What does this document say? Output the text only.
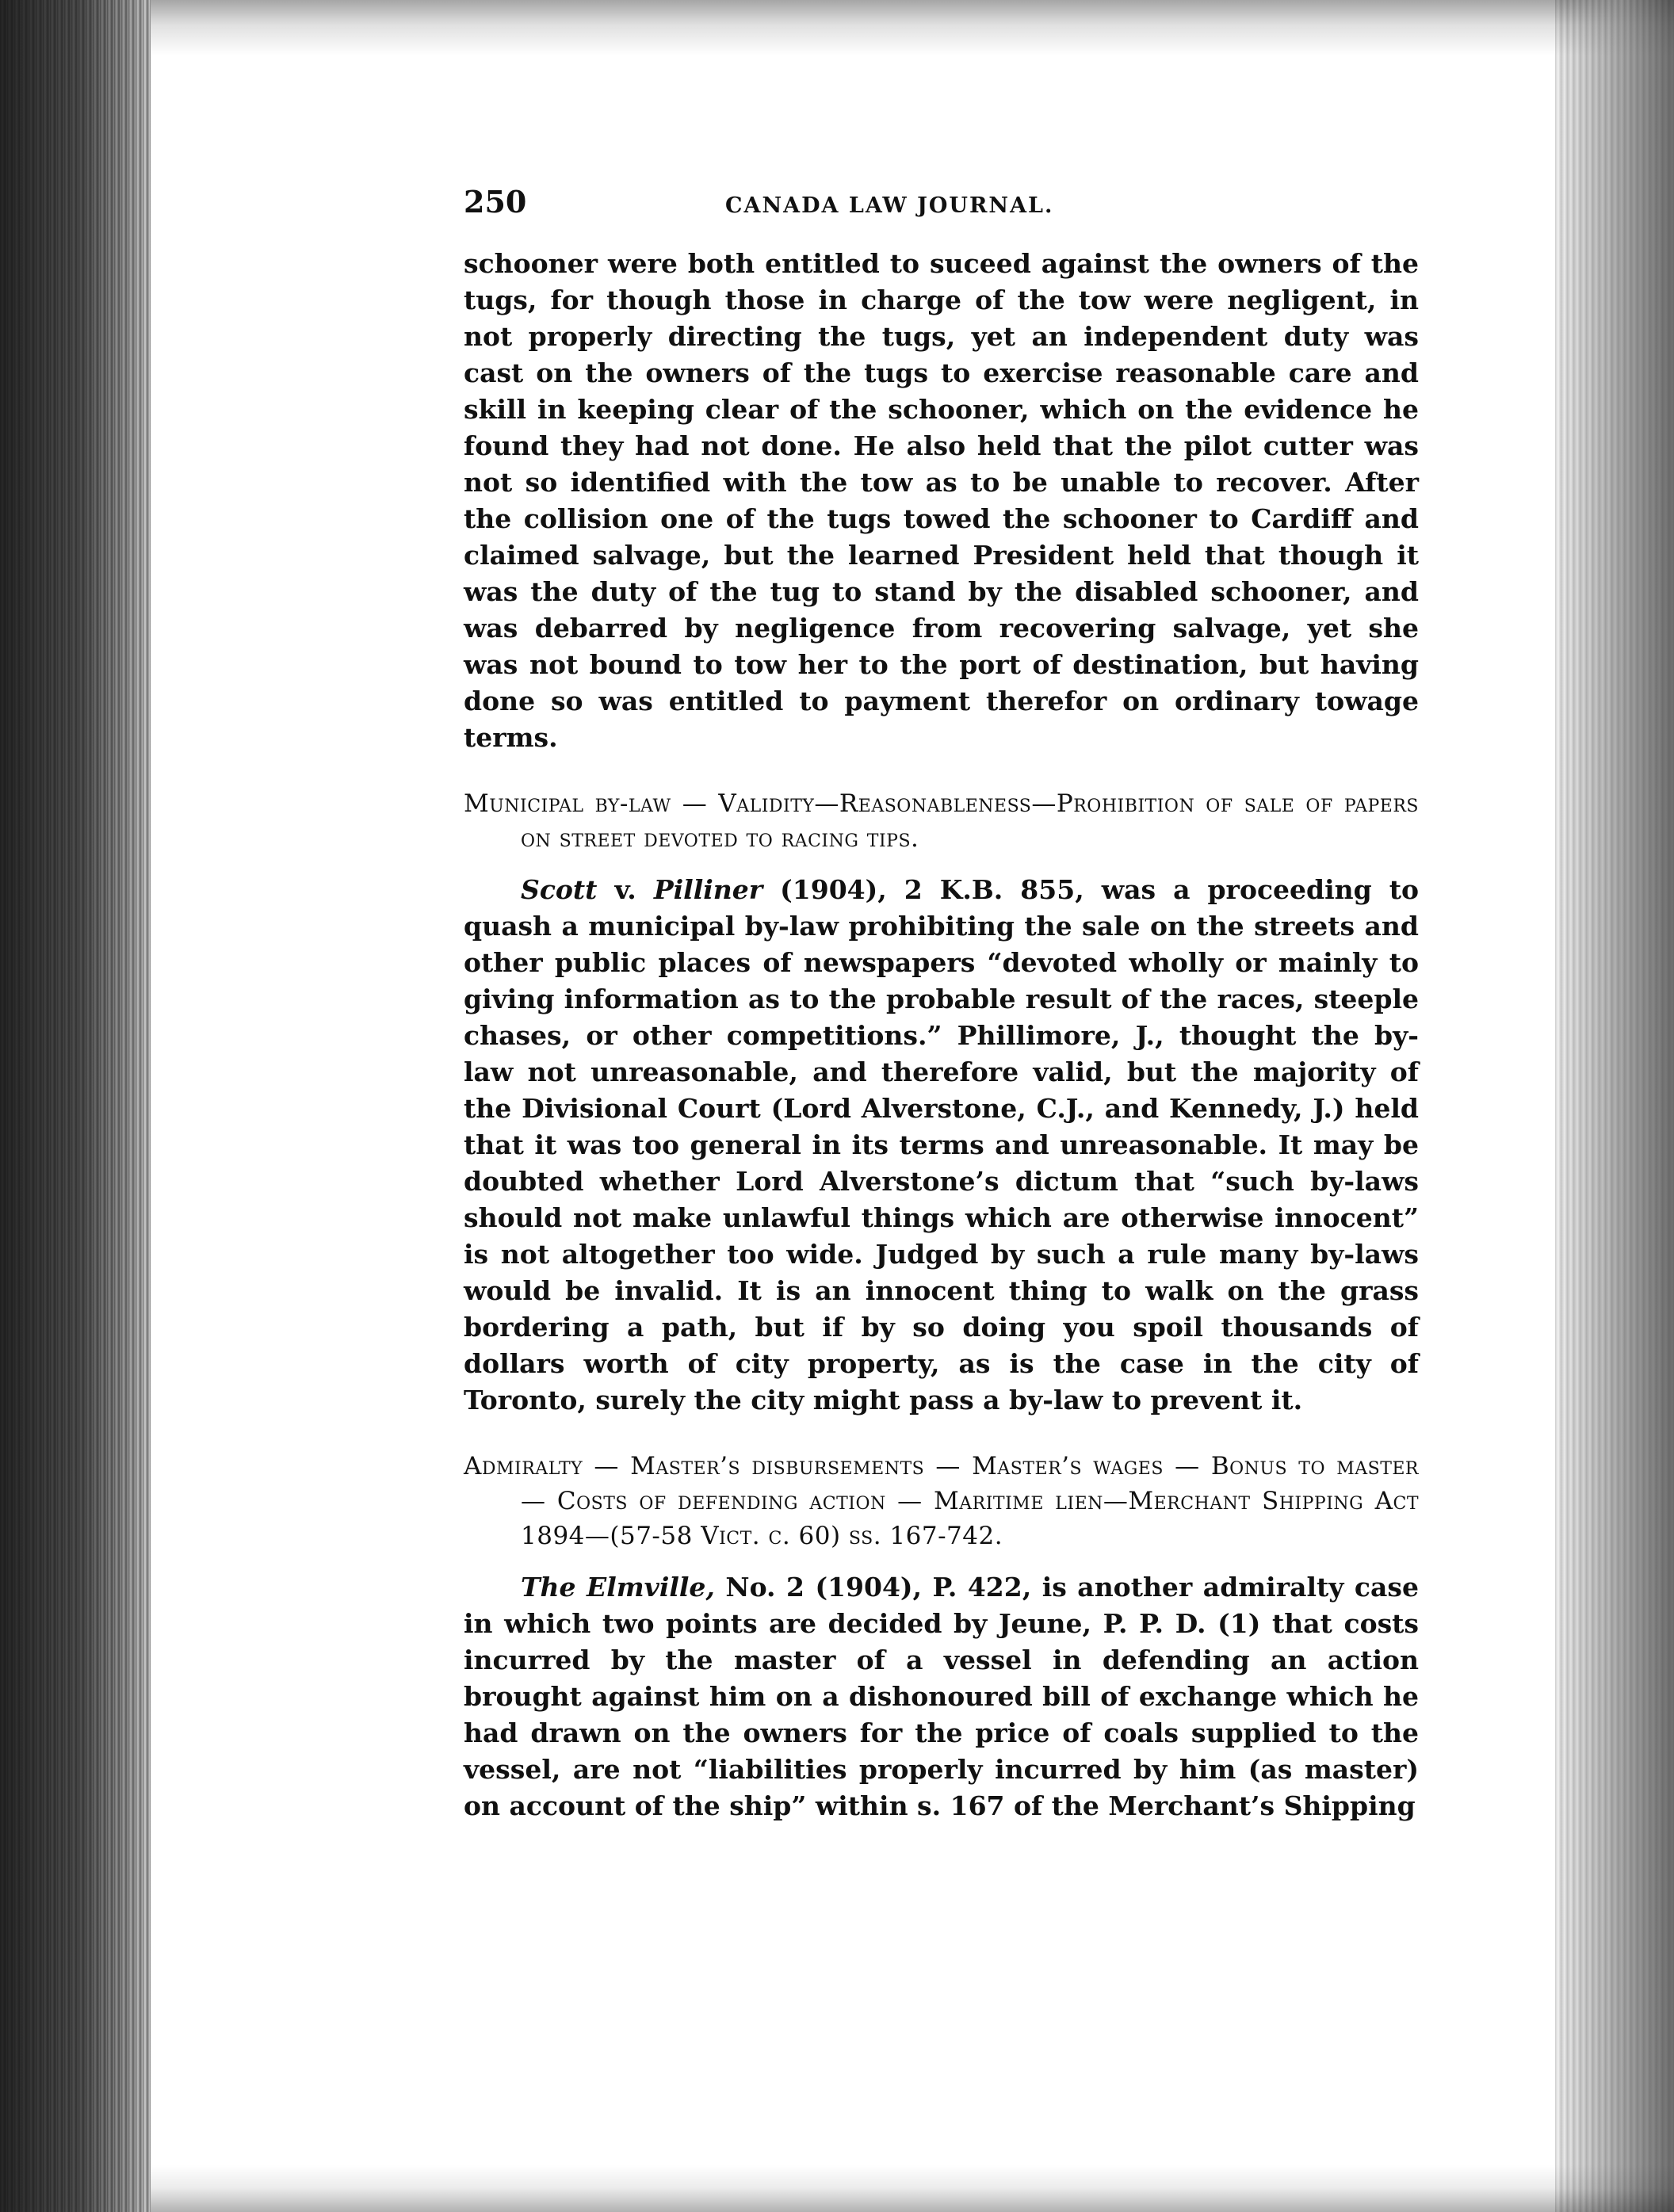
250	CANADA LAW JOURNAL.

schooner were both entitled to suceed against the owners of the tugs, for though those in charge of the tow were negligent, in not properly directing the tugs, yet an independent duty was cast on the owners of the tugs to exercise reasonable care and skill in keeping clear of the schooner, which on the evidence he found they had not done. He also held that the pilot cutter was not so identified with the tow as to be unable to recover. After the collision one of the tugs towed the schooner to Cardiff and claimed salvage, but the learned President held that though it was the duty of the tug to stand by the disabled schooner, and was debarred by negligence from recovering salvage, yet she was not bound to tow her to the port of destination, but having done so was entitled to payment therefor on ordinary towage terms.

Municipal by-law — Validity—Reasonableness—Prohibition of sale of papers on street devoted to racing tips.

Scott v. Pilliner (1904), 2 K.B. 855, was a proceeding to quash a municipal by-law prohibiting the sale on the streets and other public places of newspapers “devoted wholly or mainly to giving information as to the probable result of the races, steeple chases, or other competitions.” Phillimore, J., thought the by-law not unreasonable, and therefore valid, but the majority of the Divisional Court (Lord Alverstone, C.J., and Kennedy, J.) held that it was too general in its terms and unreasonable. It may be doubted whether Lord Alverstone’s dictum that “such by-laws should not make unlawful things which are otherwise innocent” is not altogether too wide. Judged by such a rule many by-laws would be invalid. It is an innocent thing to walk on the grass bordering a path, but if by so doing you spoil thousands of dollars worth of city property, as is the case in the city of Toronto, surely the city might pass a by-law to prevent it.

Admiralty — Master’s disbursements — Master’s wages — Bonus to master — Costs of defending action — Maritime lien—Merchant Shipping Act 1894—(57-58 Vict. c. 60) ss. 167-742.

The Elmville, No. 2 (1904), P. 422, is another admiralty case in which two points are decided by Jeune, P. P. D. (1) that costs incurred by the master of a vessel in defending an action brought against him on a dishonoured bill of exchange which he had drawn on the owners for the price of coals supplied to the vessel, are not “liabilities properly incurred by him (as master) on account of the ship” within s. 167 of the Merchant’s Shipping
